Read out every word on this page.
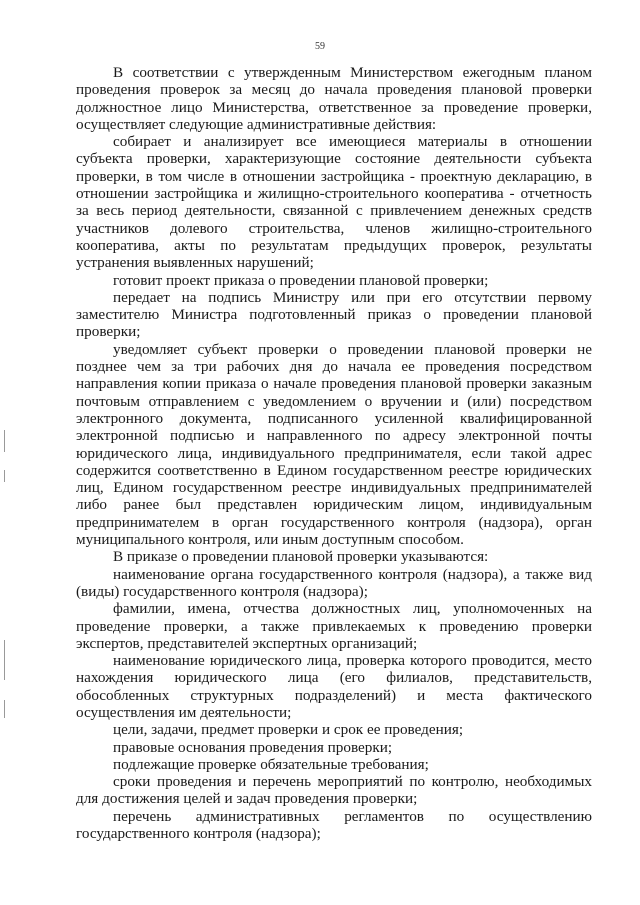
59

В соответствии с утвержденным Министерством ежегодным планом проведения проверок за месяц до начала проведения плановой проверки должностное лицо Министерства, ответственное за проведение проверки, осуществляет следующие административные действия:

собирает и анализирует все имеющиеся материалы в отношении субъекта проверки, характеризующие состояние деятельности субъекта проверки, в том числе в отношении застройщика - проектную декларацию, в отношении застройщика и жилищно-строительного кооператива - отчетность за весь период деятельности, связанной с привлечением денежных средств участников долевого строительства, членов жилищно-строительного кооператива, акты по результатам предыдущих проверок, результаты устранения выявленных нарушений;

готовит проект приказа о проведении плановой проверки;

передает на подпись Министру или при его отсутствии первому заместителю Министра подготовленный приказ о проведении плановой проверки;

уведомляет субъект проверки о проведении плановой проверки не позднее чем за три рабочих дня до начала ее проведения посредством направления копии приказа о начале проведения плановой проверки заказным почтовым отправлением с уведомлением о вручении и (или) посредством электронного документа, подписанного усиленной квалифицированной электронной подписью и направленного по адресу электронной почты юридического лица, индивидуального предпринимателя, если такой адрес содержится соответственно в Едином государственном реестре юридических лиц, Едином государственном реестре индивидуальных предпринимателей либо ранее был представлен юридическим лицом, индивидуальным предпринимателем в орган государственного контроля (надзора), орган муниципального контроля, или иным доступным способом.

В приказе о проведении плановой проверки указываются:

наименование органа государственного контроля (надзора), а также вид (виды) государственного контроля (надзора);

фамилии, имена, отчества должностных лиц, уполномоченных на проведение проверки, а также привлекаемых к проведению проверки экспертов, представителей экспертных организаций;

наименование юридического лица, проверка которого проводится, место нахождения юридического лица (его филиалов, представительств, обособленных структурных подразделений) и места фактического осуществления им деятельности;

цели, задачи, предмет проверки и срок ее проведения;

правовые основания проведения проверки;

подлежащие проверке обязательные требования;

сроки проведения и перечень мероприятий по контролю, необходимых для достижения целей и задач проведения проверки;

перечень административных регламентов по осуществлению государственного контроля (надзора);
